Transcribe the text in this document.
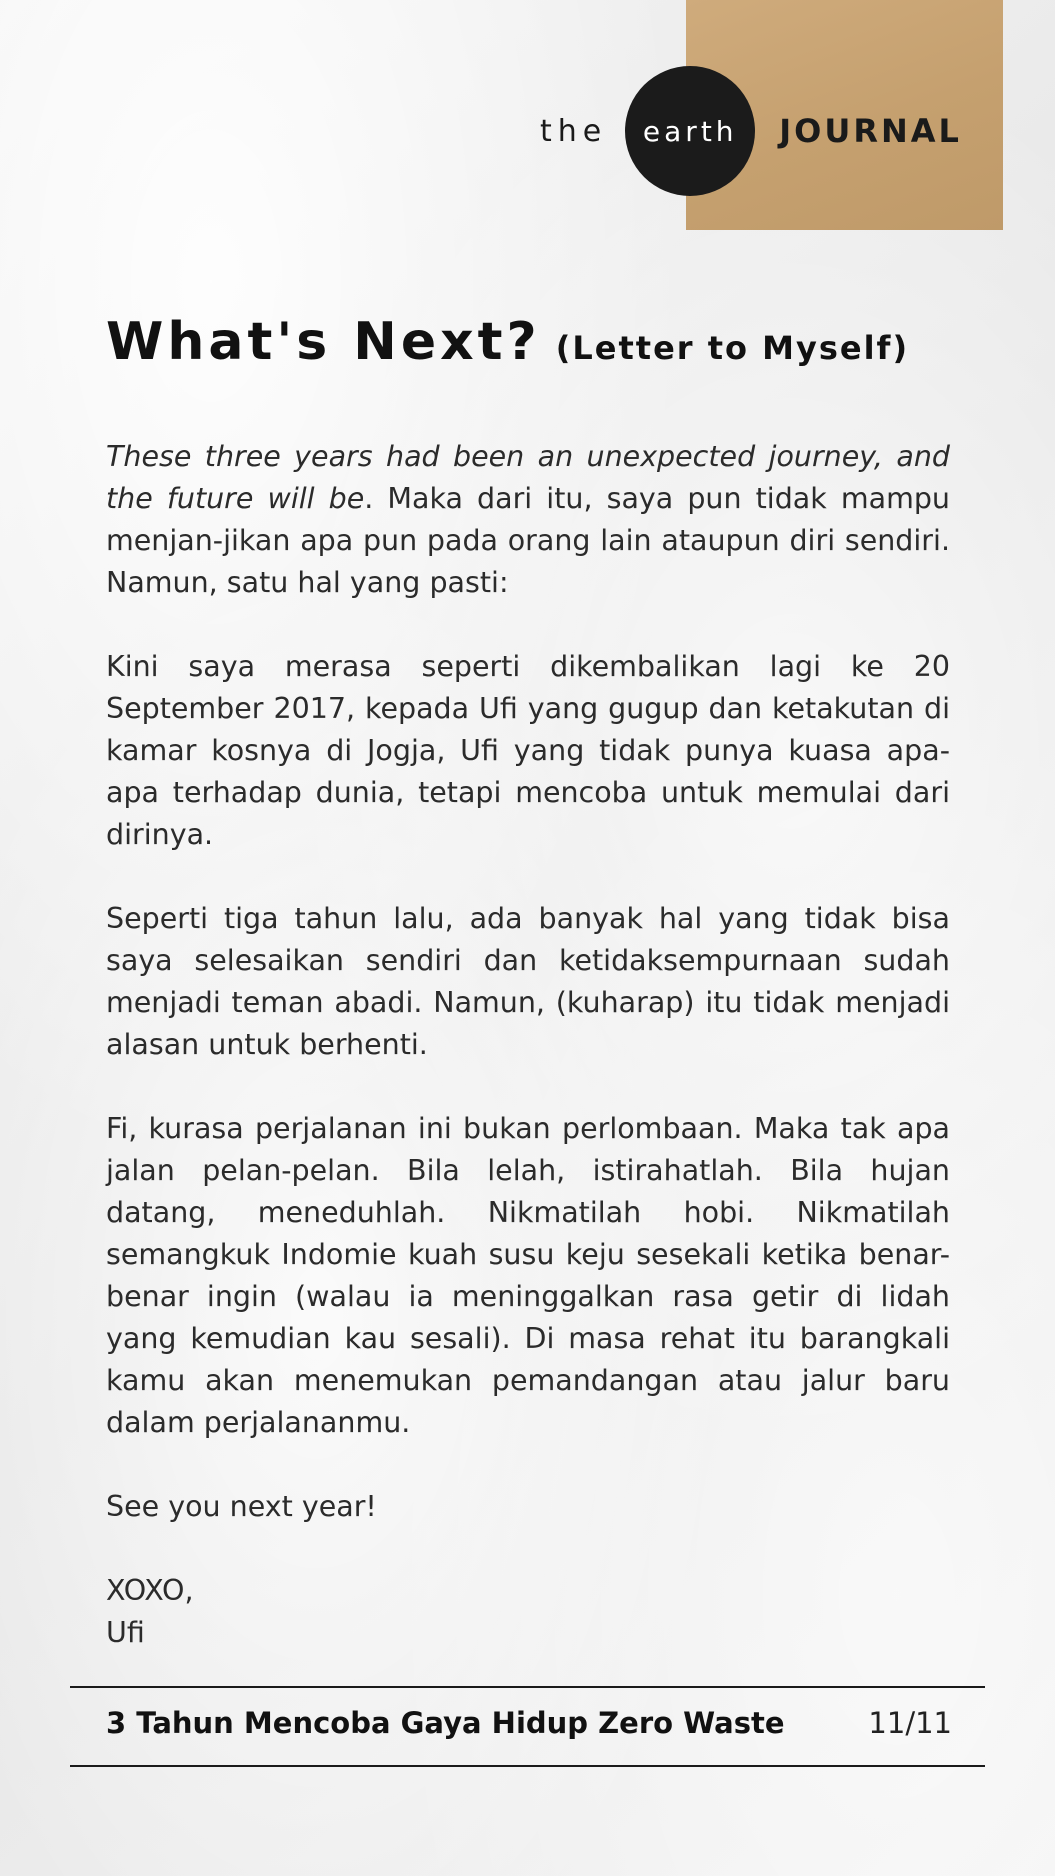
the earth JOURNAL
What's Next? (Letter to Myself)

These three years had been an unexpected journey, and the future will be. Maka dari itu, saya pun tidak mampu menjan-jikan apa pun pada orang lain ataupun diri sendiri. Namun, satu hal yang pasti:

Kini saya merasa seperti dikembalikan lagi ke 20 September 2017, kepada Ufi yang gugup dan ketakutan di kamar kosnya di Jogja, Ufi yang tidak punya kuasa apa-apa terhadap dunia, tetapi mencoba untuk memulai dari dirinya.

Seperti tiga tahun lalu, ada banyak hal yang tidak bisa saya selesaikan sendiri dan ketidaksempurnaan sudah menjadi teman abadi. Namun, (kuharap) itu tidak menjadi alasan untuk berhenti.

Fi, kurasa perjalanan ini bukan perlombaan. Maka tak apa jalan pelan-pelan. Bila lelah, istirahatlah. Bila hujan datang, meneduhlah. Nikmatilah hobi. Nikmatilah semangkuk Indomie kuah susu keju sesekali ketika benar-benar ingin (walau ia meninggalkan rasa getir di lidah yang kemudian kau sesali). Di masa rehat itu barangkali kamu akan menemukan pemandangan atau jalur baru dalam perjalananmu.

See you next year!

XOXO,

Ufi

3 Tahun Mencoba Gaya Hidup Zero Waste	11/11
